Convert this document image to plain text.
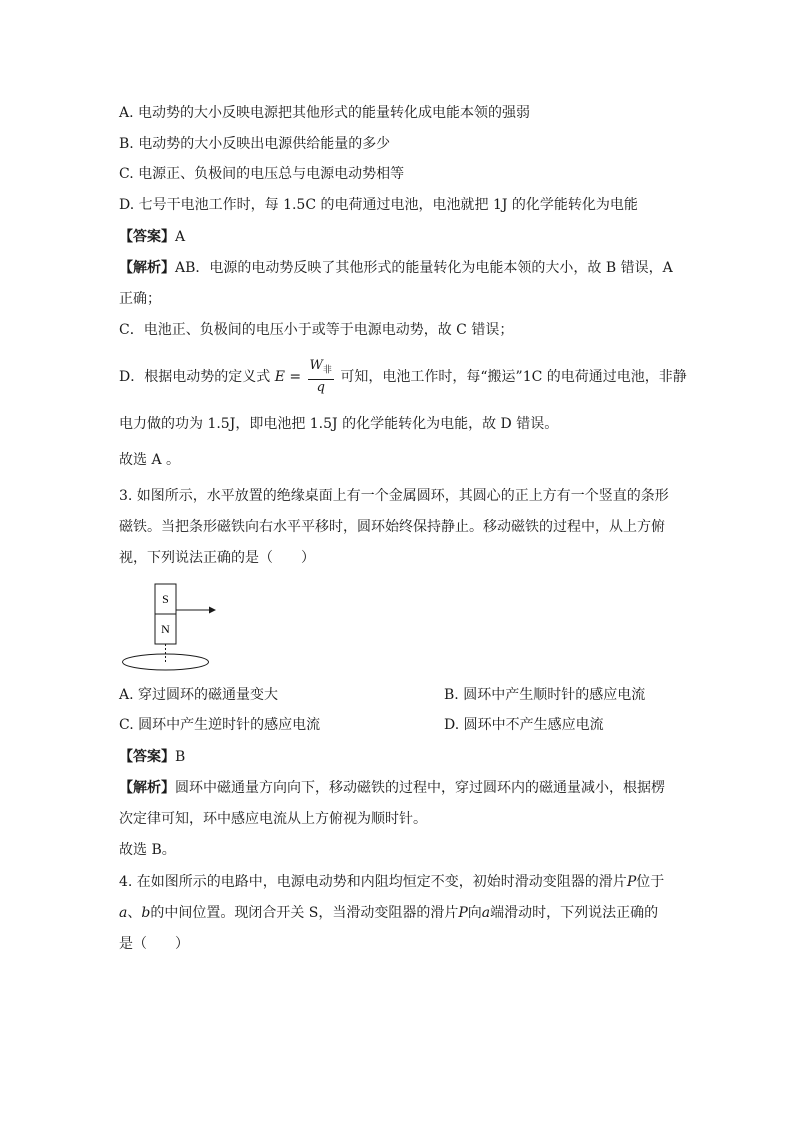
A. 电动势的大小反映电源把其他形式的能量转化成电能本领的强弱
B. 电动势的大小反映出电源供给能量的多少
C. 电源正、负极间的电压总与电源电动势相等
D. 七号干电池工作时，每 1.5C 的电荷通过电池，电池就把 1J 的化学能转化为电能
【答案】A
【解析】AB．电源的电动势反映了其他形式的能量转化为电能本领的大小，故 B 错误，A
正确；
C．电池正、负极间的电压小于或等于电源电动势，故 C 错误；
D．根据电动势的定义式 $E = \frac{W_非}{q}$ 可知，电池工作时，每“搬运”1C 的电荷通过电池，非静
电力做的功为 1.5J，即电池把 1.5J 的化学能转化为电能，故 D 错误。
故选 A 。
3. 如图所示，水平放置的绝缘桌面上有一个金属圆环，其圆心的正上方有一个竖直的条形
磁铁。当把条形磁铁向右水平平移时，圆环始终保持静止。移动磁铁的过程中，从上方俯
视，下列说法正确的是（　　）
S
N
A. 穿过圆环的磁通量变大	B. 圆环中产生顺时针的感应电流
C. 圆环中产生逆时针的感应电流	D. 圆环中不产生感应电流
【答案】B
【解析】圆环中磁通量方向向下，移动磁铁的过程中，穿过圆环内的磁通量减小，根据楞
次定律可知，环中感应电流从上方俯视为顺时针。
故选 B。
4. 在如图所示的电路中，电源电动势和内阻均恒定不变，初始时滑动变阻器的滑片P位于
a、b的中间位置。现闭合开关 S，当滑动变阻器的滑片P向a端滑动时，下列说法正确的
是（　　）
